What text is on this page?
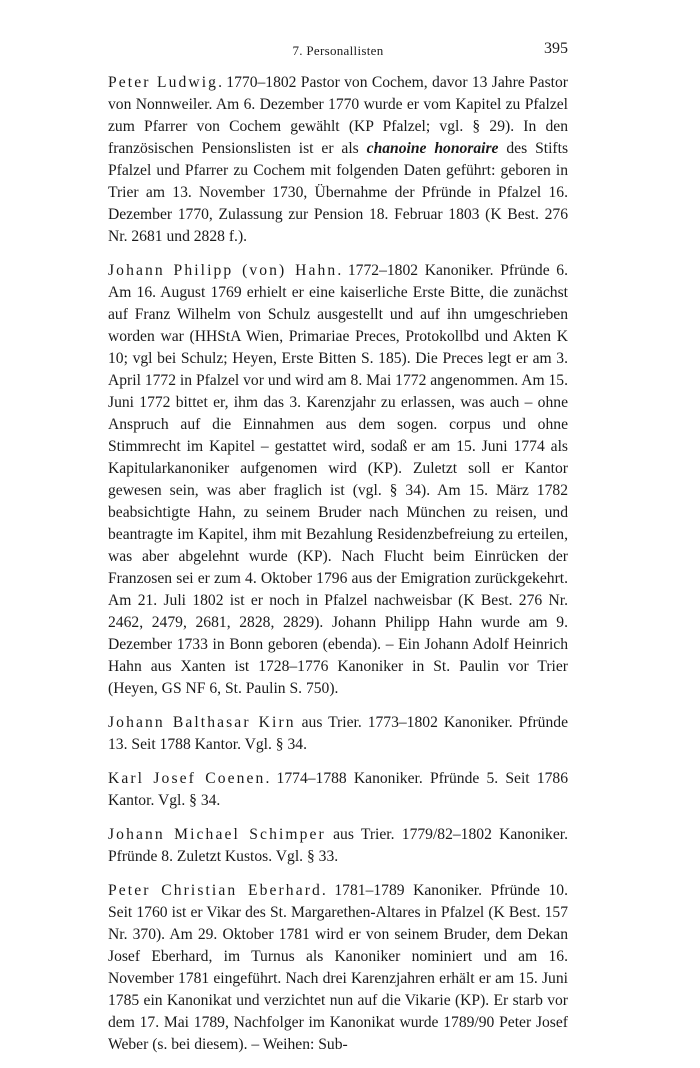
7. Personallisten	395

Peter Ludwig. 1770–1802 Pastor von Cochem, davor 13 Jahre Pastor von Nonnweiler. Am 6. Dezember 1770 wurde er vom Kapitel zu Pfalzel zum Pfarrer von Cochem gewählt (KP Pfalzel; vgl. § 29). In den französischen Pensionslisten ist er als chanoine honoraire des Stifts Pfalzel und Pfarrer zu Cochem mit folgenden Daten geführt: geboren in Trier am 13. November 1730, Übernahme der Pfründe in Pfalzel 16. Dezember 1770, Zulassung zur Pension 18. Februar 1803 (K Best. 276 Nr. 2681 und 2828 f.).

Johann Philipp (von) Hahn. 1772–1802 Kanoniker. Pfründe 6. Am 16. August 1769 erhielt er eine kaiserliche Erste Bitte, die zunächst auf Franz Wilhelm von Schulz ausgestellt und auf ihn umgeschrieben worden war (HHStA Wien, Primariae Preces, Protokollbd und Akten K 10; vgl bei Schulz; Heyen, Erste Bitten S. 185). Die Preces legt er am 3. April 1772 in Pfalzel vor und wird am 8. Mai 1772 angenommen. Am 15. Juni 1772 bittet er, ihm das 3. Karenzjahr zu erlassen, was auch – ohne Anspruch auf die Einnahmen aus dem sogen. corpus und ohne Stimmrecht im Kapitel – gestattet wird, sodaß er am 15. Juni 1774 als Kapitularkanoniker aufgenomen wird (KP). Zuletzt soll er Kantor gewesen sein, was aber fraglich ist (vgl. § 34). Am 15. März 1782 beabsichtigte Hahn, zu seinem Bruder nach München zu reisen, und beantragte im Kapitel, ihm mit Bezahlung Residenzbefreiung zu erteilen, was aber abgelehnt wurde (KP). Nach Flucht beim Einrücken der Franzosen sei er zum 4. Oktober 1796 aus der Emigration zurückgekehrt. Am 21. Juli 1802 ist er noch in Pfalzel nachweisbar (K Best. 276 Nr. 2462, 2479, 2681, 2828, 2829). Johann Philipp Hahn wurde am 9. Dezember 1733 in Bonn geboren (ebenda). – Ein Johann Adolf Heinrich Hahn aus Xanten ist 1728–1776 Kanoniker in St. Paulin vor Trier (Heyen, GS NF 6, St. Paulin S. 750).

Johann Balthasar Kirn aus Trier. 1773–1802 Kanoniker. Pfründe 13. Seit 1788 Kantor. Vgl. § 34.

Karl Josef Coenen. 1774–1788 Kanoniker. Pfründe 5. Seit 1786 Kantor. Vgl. § 34.

Johann Michael Schimper aus Trier. 1779/82–1802 Kanoniker. Pfründe 8. Zuletzt Kustos. Vgl. § 33.

Peter Christian Eberhard. 1781–1789 Kanoniker. Pfründe 10. Seit 1760 ist er Vikar des St. Margarethen-Altares in Pfalzel (K Best. 157 Nr. 370). Am 29. Oktober 1781 wird er von seinem Bruder, dem Dekan Josef Eberhard, im Turnus als Kanoniker nominiert und am 16. November 1781 eingeführt. Nach drei Karenzjahren erhält er am 15. Juni 1785 ein Kanonikat und verzichtet nun auf die Vikarie (KP). Er starb vor dem 17. Mai 1789, Nachfolger im Kanonikat wurde 1789/90 Peter Josef Weber (s. bei diesem). – Weihen: Sub-
